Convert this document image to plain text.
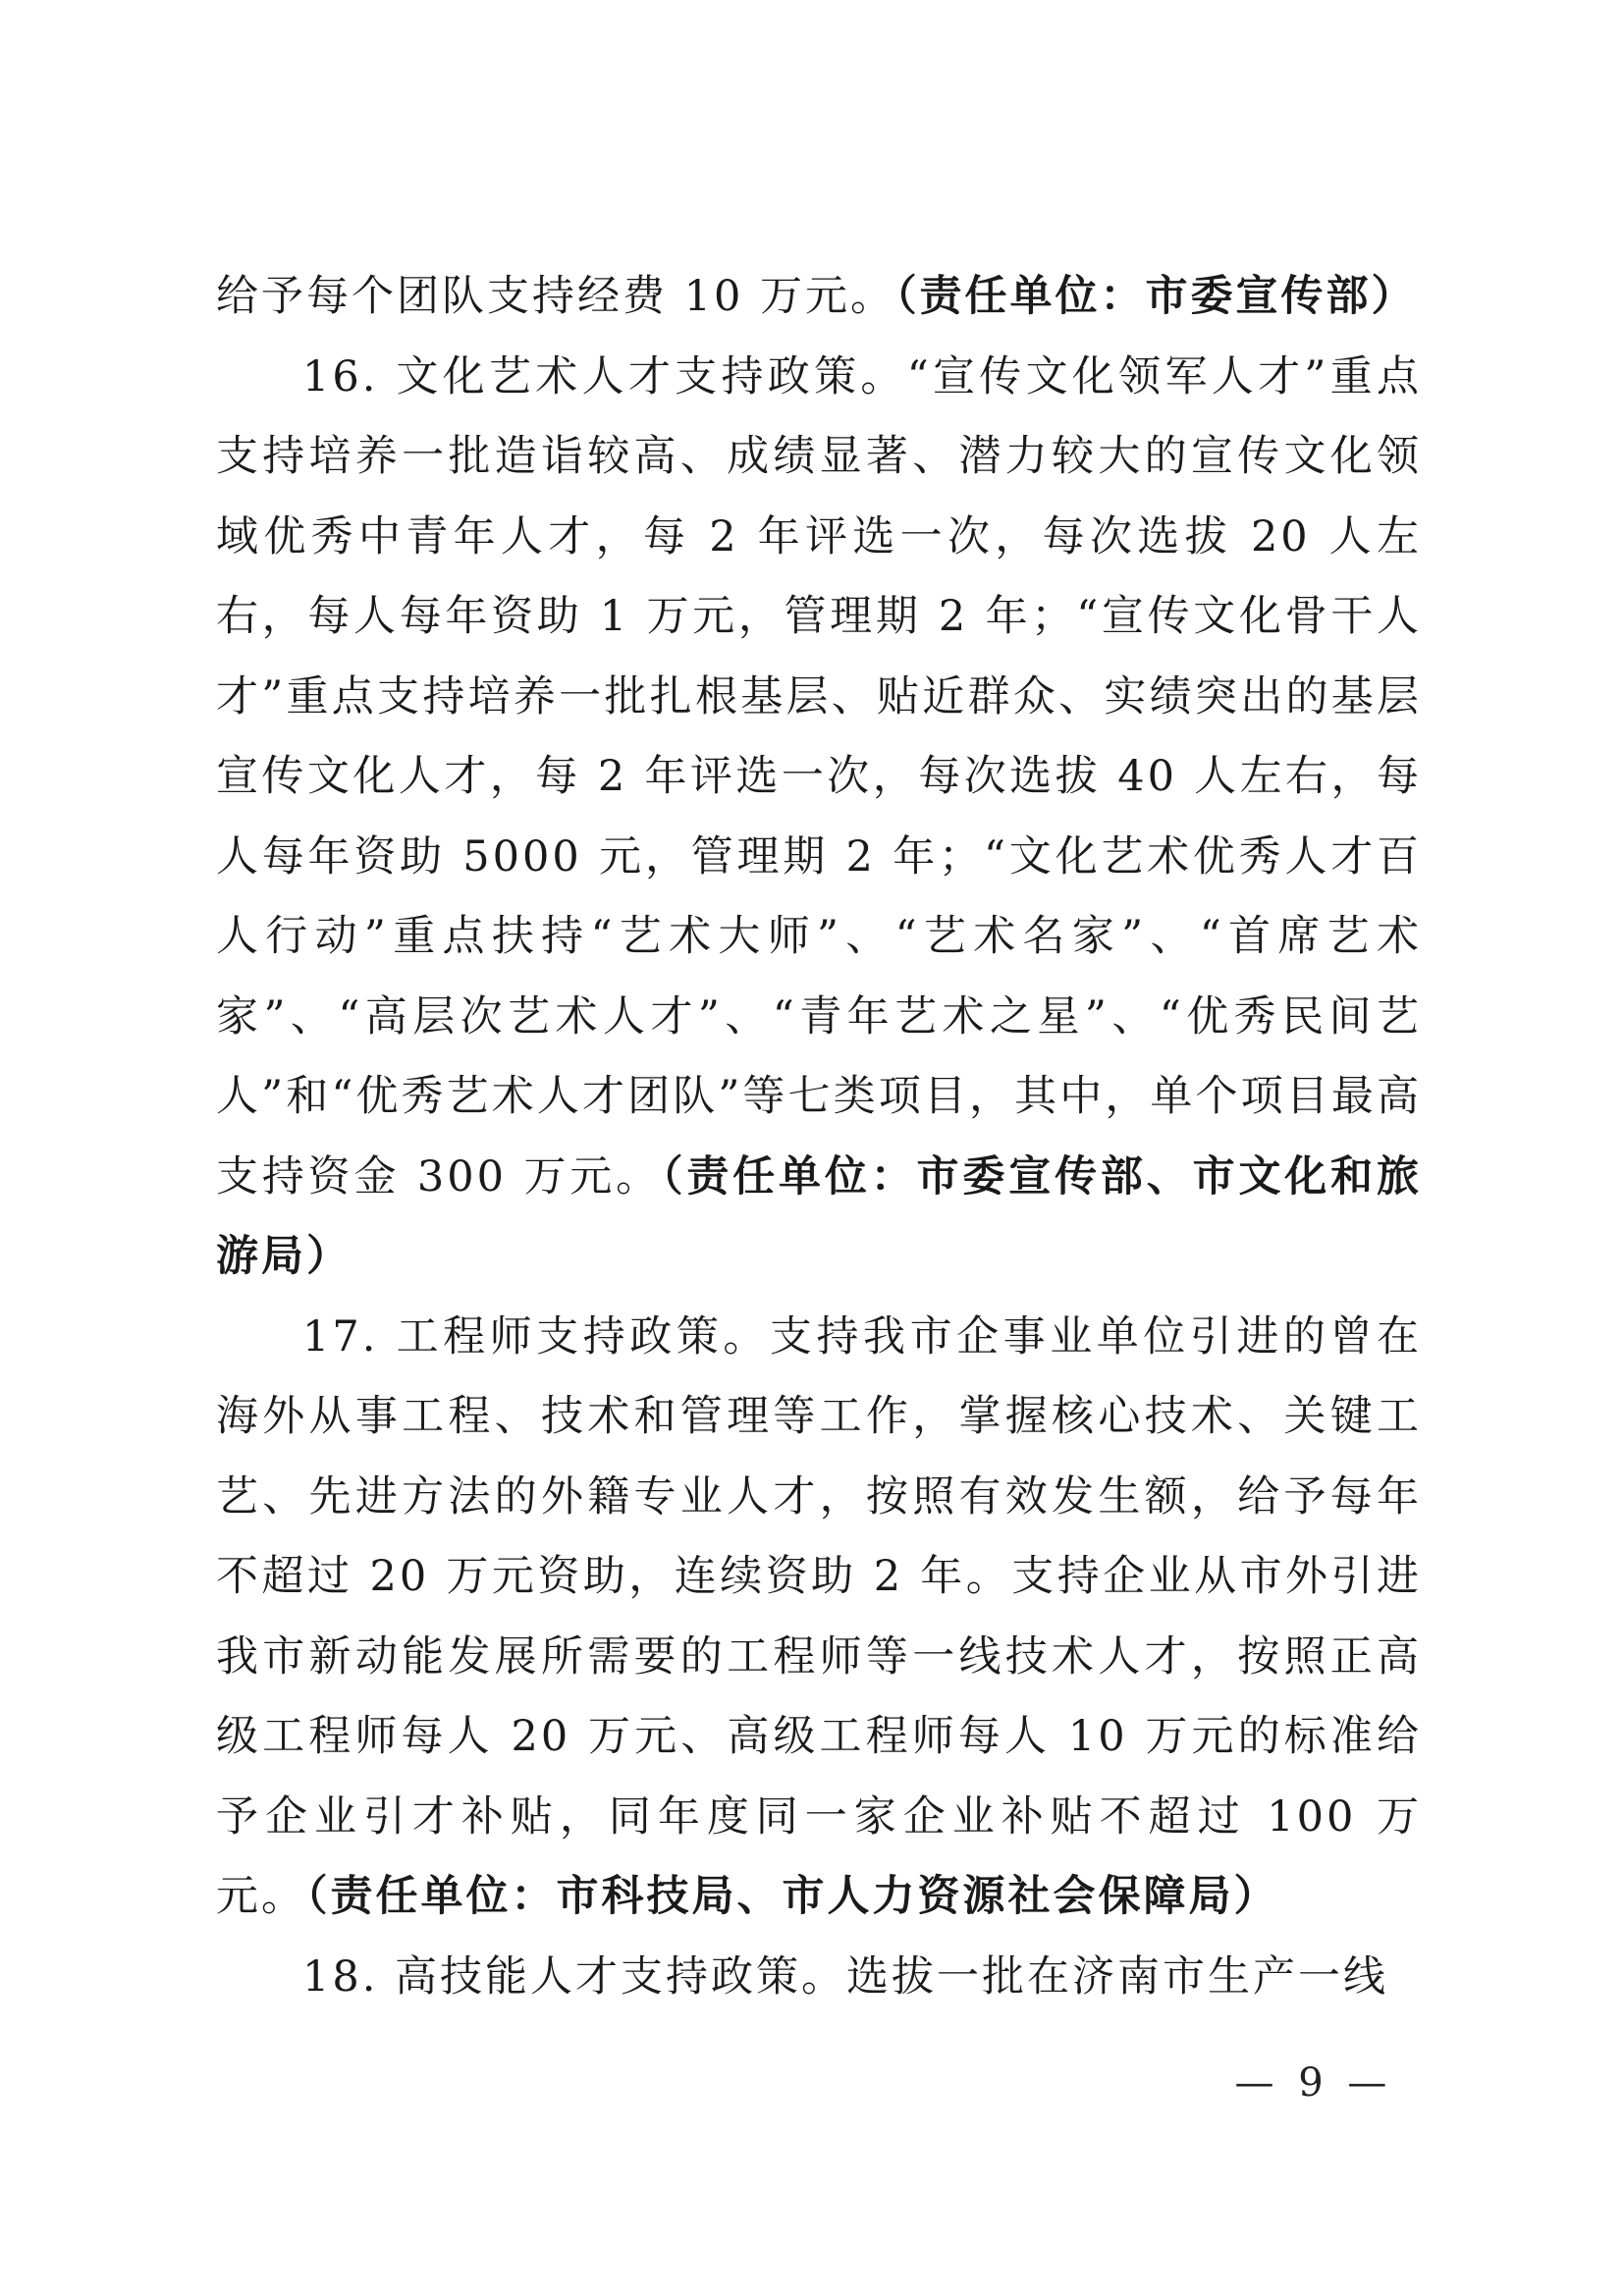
给予每个团队支持经费 10 万元。（责任单位：市委宣传部）

16. 文化艺术人才支持政策。“宣传文化领军人才”重点支持培养一批造诣较高、成绩显著、潜力较大的宣传文化领域优秀中青年人才，每 2 年评选一次，每次选拔 20 人左右，每人每年资助 1 万元，管理期 2 年；“宣传文化骨干人才”重点支持培养一批扎根基层、贴近群众、实绩突出的基层宣传文化人才，每 2 年评选一次，每次选拔 40 人左右，每人每年资助 5000 元，管理期 2 年；“文化艺术优秀人才百人行动”重点扶持“艺术大师”、“艺术名家”、“首席艺术家”、“高层次艺术人才”、“青年艺术之星”、“优秀民间艺人”和“优秀艺术人才团队”等七类项目，其中，单个项目最高支持资金 300 万元。（责任单位：市委宣传部、市文化和旅游局）

17. 工程师支持政策。支持我市企事业单位引进的曾在海外从事工程、技术和管理等工作，掌握核心技术、关键工艺、先进方法的外籍专业人才，按照有效发生额，给予每年不超过 20 万元资助，连续资助 2 年。支持企业从市外引进我市新动能发展所需要的工程师等一线技术人才，按照正高级工程师每人 20 万元、高级工程师每人 10 万元的标准给予企业引才补贴，同年度同一家企业补贴不超过 100 万元。（责任单位：市科技局、市人力资源社会保障局）

18. 高技能人才支持政策。选拔一批在济南市生产一线

— 9 —
